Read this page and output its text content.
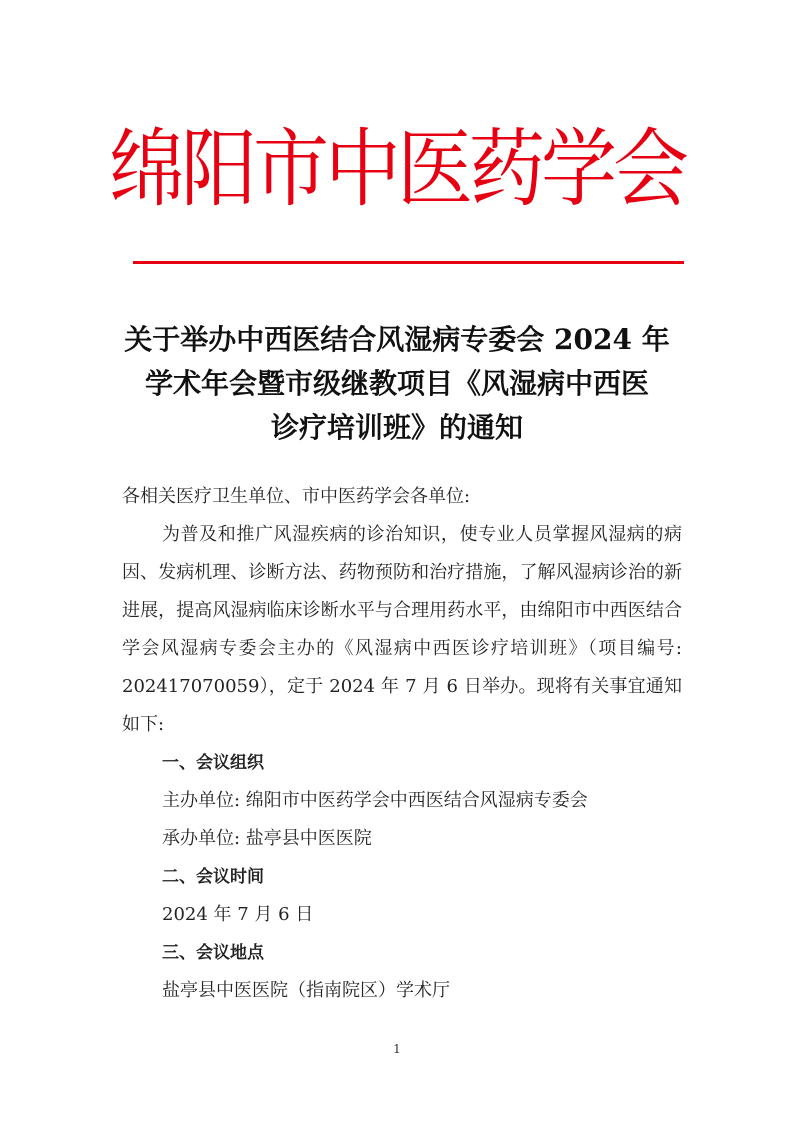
绵阳市中医药学会
关于举办中西医结合风湿病专委会 2024 年
学术年会暨市级继教项目《风湿病中西医
诊疗培训班》的通知

各相关医疗卫生单位、市中医药学会各单位:

为普及和推广风湿疾病的诊治知识，使专业人员掌握风湿病的病因、发病机理、诊断方法、药物预防和治疗措施，了解风湿病诊治的新进展，提高风湿病临床诊断水平与合理用药水平，由绵阳市中西医结合学会风湿病专委会主办的《风湿病中西医诊疗培训班》（项目编号: 202417070059），定于 2024 年 7 月 6 日举办。现将有关事宜通知如下:

一、会议组织

主办单位: 绵阳市中医药学会中西医结合风湿病专委会

承办单位: 盐亭县中医医院

二、会议时间

2024 年 7 月 6 日

三、会议地点

盐亭县中医医院（指南院区）学术厅

1
